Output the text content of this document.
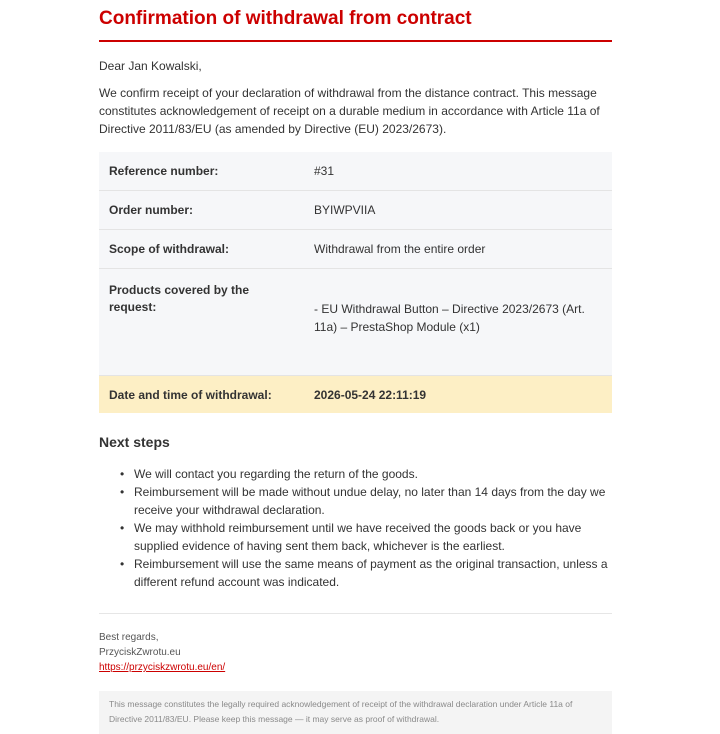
Confirmation of withdrawal from contract
Dear Jan Kowalski,
We confirm receipt of your declaration of withdrawal from the distance contract. This message constitutes acknowledgement of receipt on a durable medium in accordance with Article 11a of Directive 2011/83/EU (as amended by Directive (EU) 2023/2673).
Reference number:	#31
Order number:	BYIWPVIIA
Scope of withdrawal:	Withdrawal from the entire order
Products covered by the request:	- EU Withdrawal Button – Directive 2023/2673 (Art. 11a) – PrestaShop Module (x1)
Date and time of withdrawal:	2026-05-24 22:11:19
Next steps
• We will contact you regarding the return of the goods.
• Reimbursement will be made without undue delay, no later than 14 days from the day we receive your withdrawal declaration.
• We may withhold reimbursement until we have received the goods back or you have supplied evidence of having sent them back, whichever is the earliest.
• Reimbursement will use the same means of payment as the original transaction, unless a different refund account was indicated.
Best regards,
PrzyciskZwrotu.eu
https://przyciskzwrotu.eu/en/
This message constitutes the legally required acknowledgement of receipt of the withdrawal declaration under Article 11a of Directive 2011/83/EU. Please keep this message — it may serve as proof of withdrawal.
